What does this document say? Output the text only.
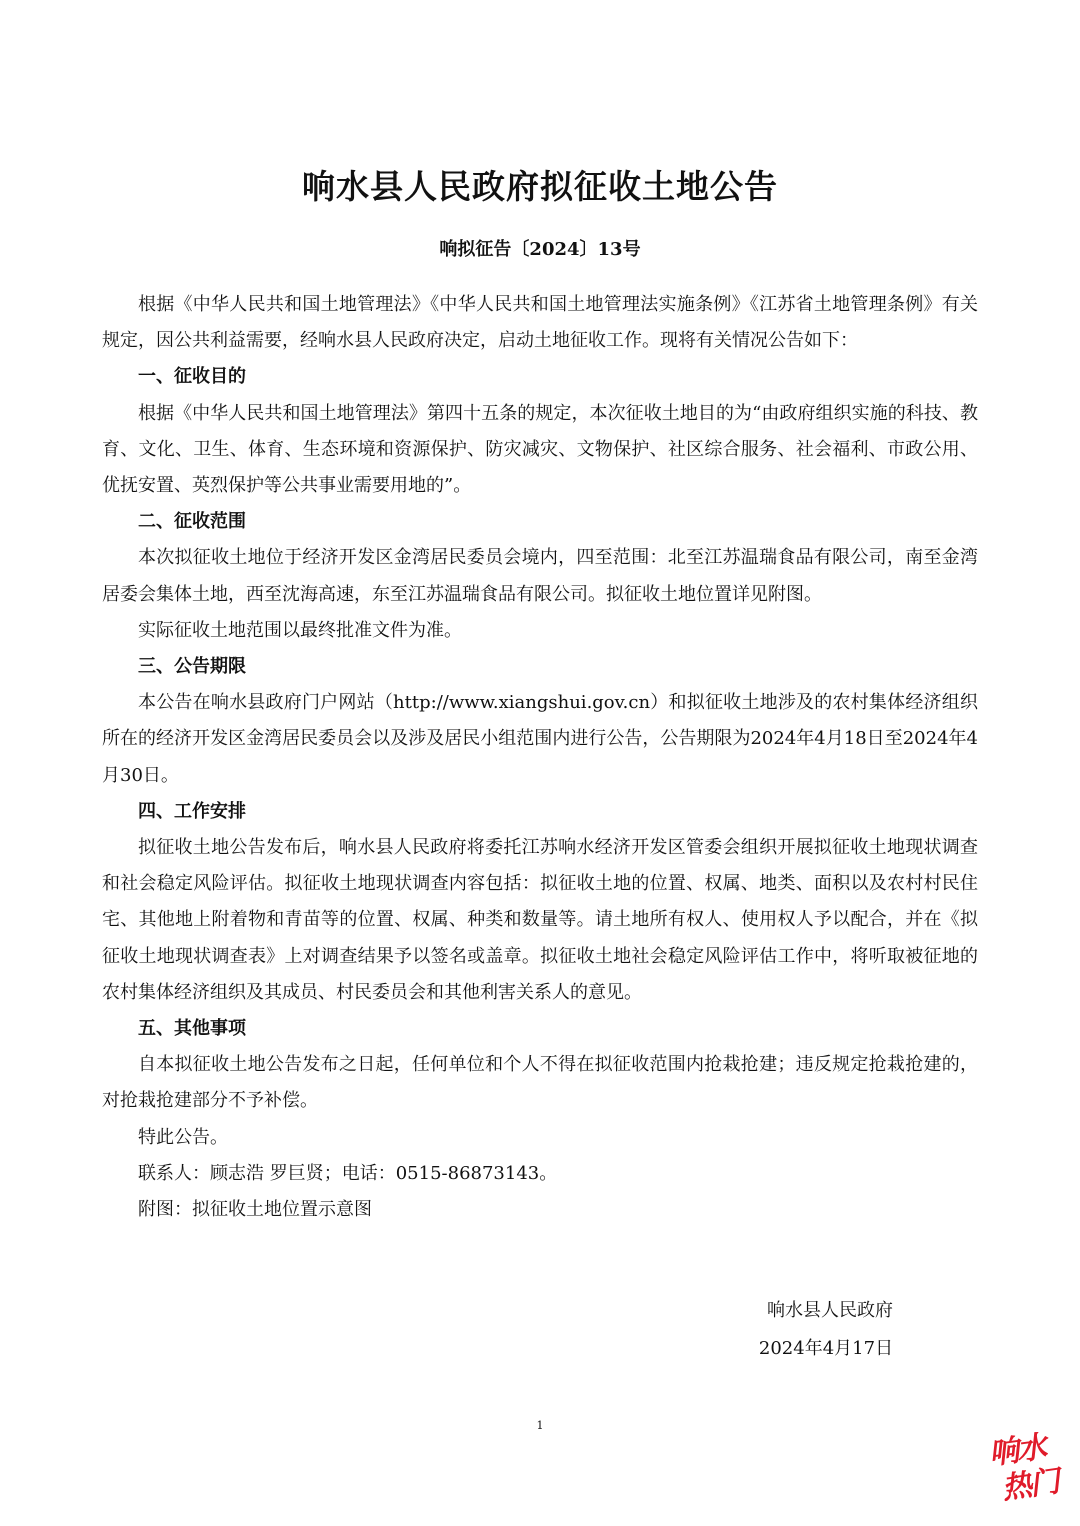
响水县人民政府拟征收土地公告
响拟征告〔2024〕13号

根据《中华人民共和国土地管理法》《中华人民共和国土地管理法实施条例》《江苏省土地管理条例》有关规定，因公共利益需要，经响水县人民政府决定，启动土地征收工作。现将有关情况公告如下：

一、征收目的

根据《中华人民共和国土地管理法》第四十五条的规定，本次征收土地目的为“由政府组织实施的科技、教育、文化、卫生、体育、生态环境和资源保护、防灾减灾、文物保护、社区综合服务、社会福利、市政公用、优抚安置、英烈保护等公共事业需要用地的”。

二、征收范围

本次拟征收土地位于经济开发区金湾居民委员会境内，四至范围：北至江苏温瑞食品有限公司，南至金湾居委会集体土地，西至沈海高速，东至江苏温瑞食品有限公司。拟征收土地位置详见附图。

实际征收土地范围以最终批准文件为准。

三、公告期限

本公告在响水县政府门户网站（http://www.xiangshui.gov.cn）和拟征收土地涉及的农村集体经济组织所在的经济开发区金湾居民委员会以及涉及居民小组范围内进行公告，公告期限为2024年4月18日至2024年4月30日。

四、工作安排

拟征收土地公告发布后，响水县人民政府将委托江苏响水经济开发区管委会组织开展拟征收土地现状调查和社会稳定风险评估。拟征收土地现状调查内容包括：拟征收土地的位置、权属、地类、面积以及农村村民住宅、其他地上附着物和青苗等的位置、权属、种类和数量等。请土地所有权人、使用权人予以配合，并在《拟征收土地现状调查表》上对调查结果予以签名或盖章。拟征收土地社会稳定风险评估工作中，将听取被征地的农村集体经济组织及其成员、村民委员会和其他利害关系人的意见。

五、其他事项

自本拟征收土地公告发布之日起，任何单位和个人不得在拟征收范围内抢栽抢建；违反规定抢栽抢建的，对抢栽抢建部分不予补偿。

特此公告。

联系人：顾志浩 罗巨贤；电话：0515-86873143。

附图：拟征收土地位置示意图

响水县人民政府
2024年4月17日
1
响水
热门
